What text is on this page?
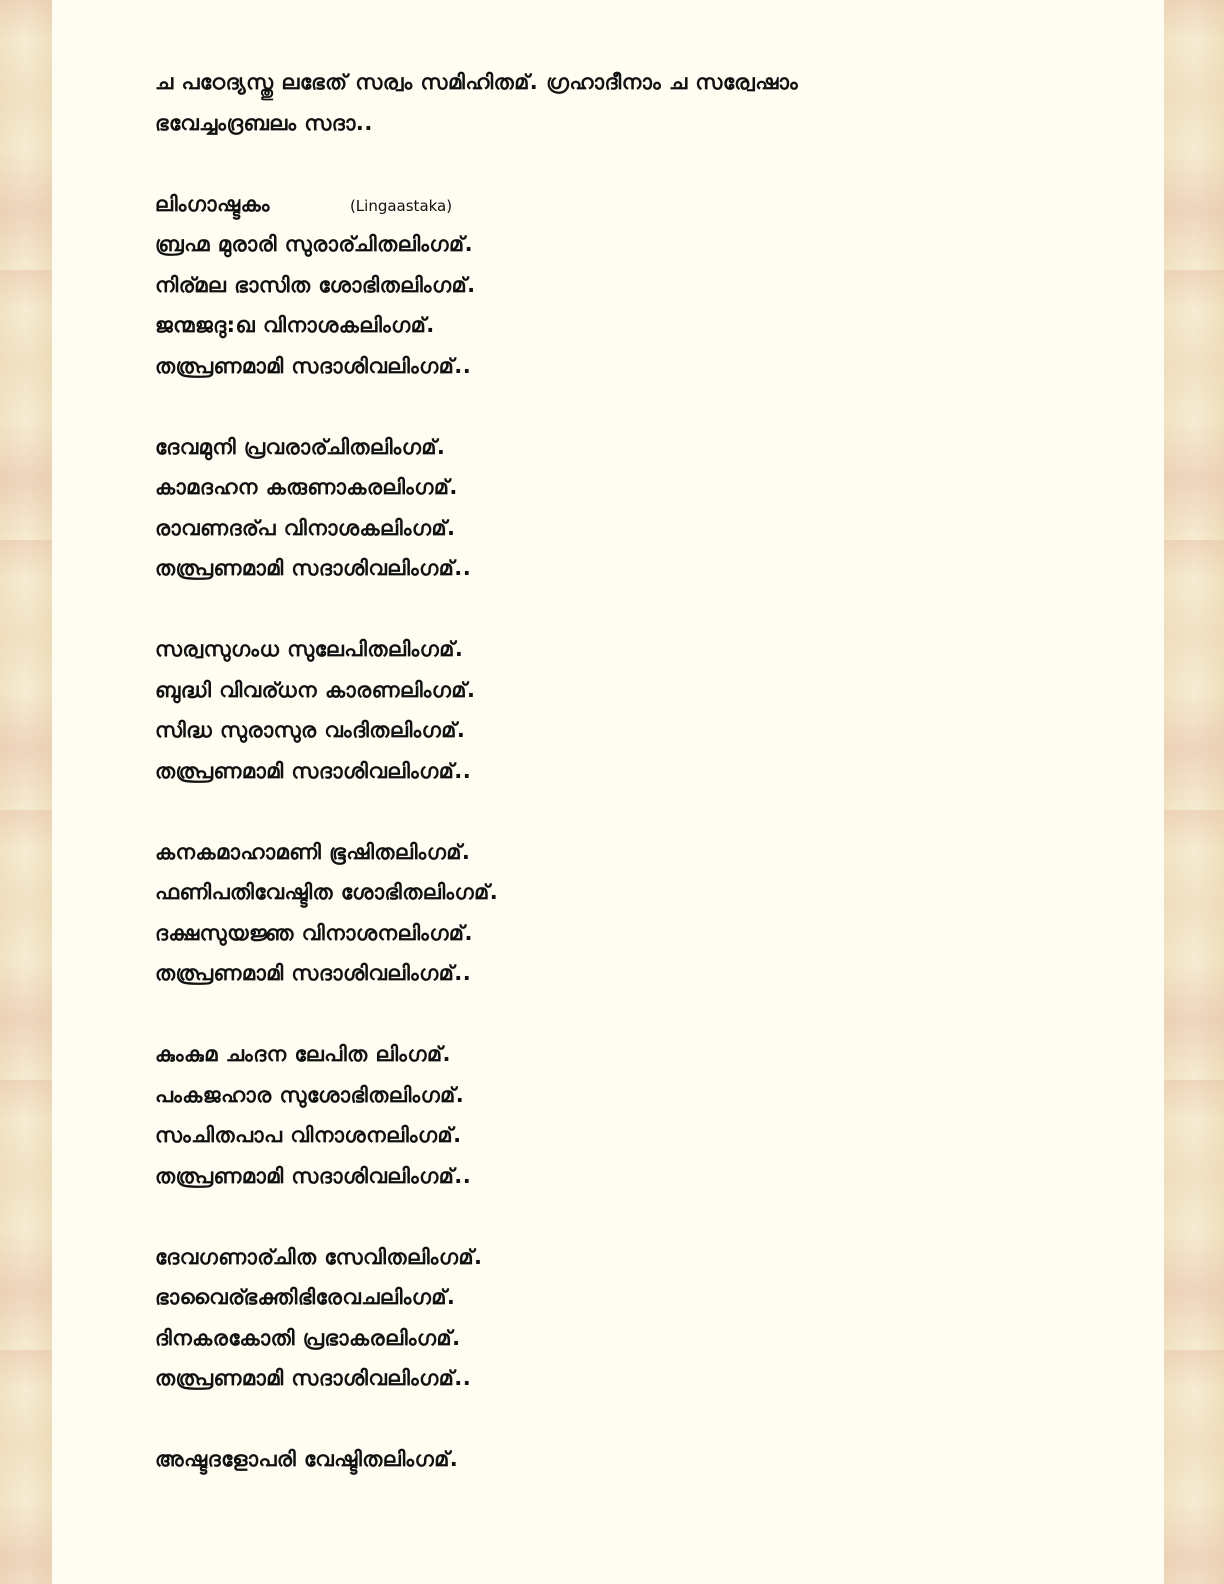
ച പഠേദ്യസ്തു ലഭേത് സര്വം സമിഹിതമ്. ഗ്രഹാദീനാം ച സര്വേഷാം
ഭവേച്ചംദ്രബലം സദാ..
ലിംഗാഷ്ടകം	(Lingaastaka)
ബ്രഹ്മ മുരാരി സുരാര്ചിതലിംഗമ്.
നിര്മല ഭാസിത ശോഭിതലിംഗമ്.
ജന്മജദു:ഖ വിനാശകലിംഗമ്.
തത്പ്രണമാമി സദാശിവലിംഗമ്..
ദേവമുനി പ്രവരാര്ചിതലിംഗമ്.
കാമദഹന കരുണാകരലിംഗമ്.
രാവണദര്പ വിനാശകലിംഗമ്.
തത്പ്രണമാമി സദാശിവലിംഗമ്..
സര്വസുഗംധ സുലേപിതലിംഗമ്.
ബുദ്ധി വിവര്ധന കാരണലിംഗമ്.
സിദ്ധ സുരാസുര വംദിതലിംഗമ്.
തത്പ്രണമാമി സദാശിവലിംഗമ്..
കനകമാഹാമണി ഭൂഷിതലിംഗമ്.
ഫണിപതിവേഷ്ടിത ശോഭിതലിംഗമ്.
ദക്ഷസുയജ്ഞ വിനാശനലിംഗമ്.
തത്പ്രണമാമി സദാശിവലിംഗമ്..
കുംകുമ ചംദന ലേപിത ലിംഗമ്.
പംകജഹാര സുശോഭിതലിംഗമ്.
സംചിതപാപ വിനാശനലിംഗമ്.
തത്പ്രണമാമി സദാശിവലിംഗമ്..
ദേവഗണാര്ചിത സേവിതലിംഗമ്.
ഭാവൈര്ഭക്തിഭിരേവചലിംഗമ്.
ദിനകരകോതി പ്രഭാകരലിംഗമ്.
തത്പ്രണമാമി സദാശിവലിംഗമ്..
അഷ്ടദളോപരി വേഷ്ടിതലിംഗമ്.
